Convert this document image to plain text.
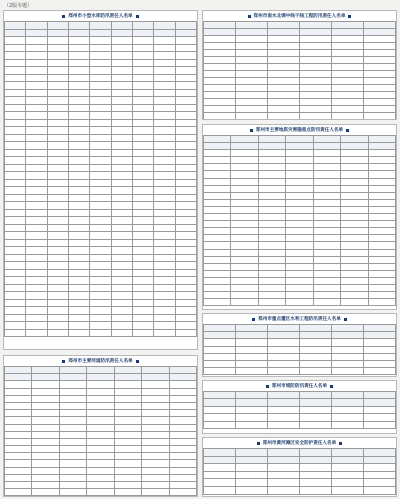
（2版专题）
郑州市小型水库防汛责任人名单

郑州市主要河道防汛责任人名单

郑州市南水北调中线干线工程防汛责任人名单

郑州市主要地质灾害隐患点防汛责任人名单

郑州市重点灌区水利工程防汛责任人名单

郑州市堤防防汛责任人名单

郑州市黄河滩区安全防护责任人名单
